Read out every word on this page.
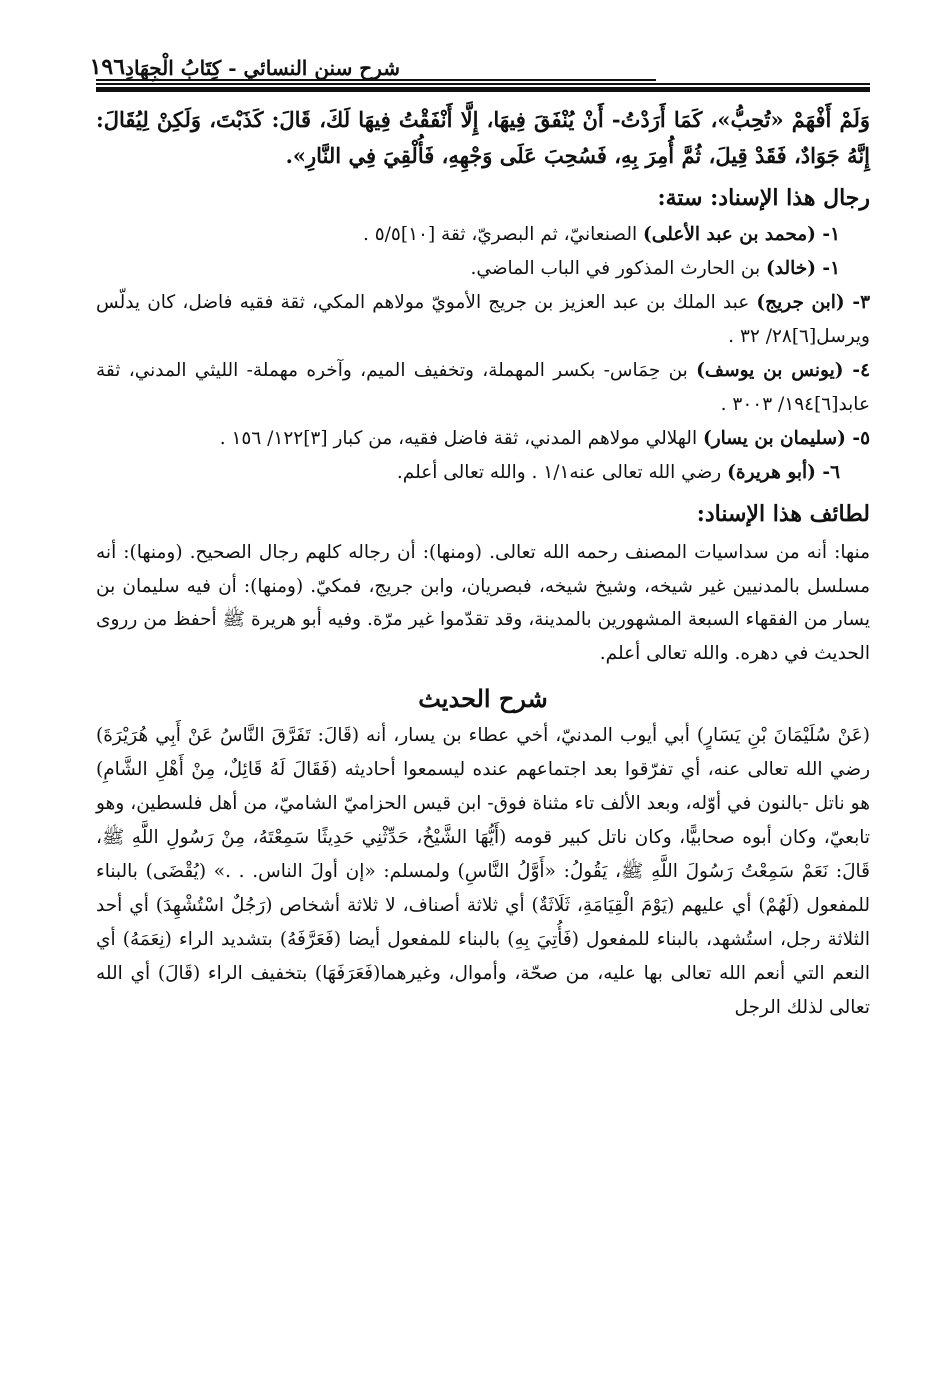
شرح سنن النسائي - كِتَابُ الْجِهَادِ
١٩٦
وَلَمْ أَفْهَمْ «تُحِبُّ»، كَمَا أَرَدْتُ- أَنْ يُنْفَقَ فِيهَا، إِلَّا أَنْفَقْتُ فِيهَا لَكَ، قَالَ: كَذَبْتَ، وَلَكِنْ لِيُقَالَ: إِنَّهُ جَوَادٌ، فَقَدْ قِيلَ، ثُمَّ أُمِرَ بِهِ، فَسُحِبَ عَلَى وَجْهِهِ، فَأُلْقِيَ فِي النَّارِ».
رجال هذا الإسناد: ستة:
١- (محمد بن عبد الأعلى) الصنعانيّ، ثم البصريّ، ثقة [١٠]٥/٥ .
١- (خالد) بن الحارث المذكور في الباب الماضي.
٣- (ابن جريج) عبد الملك بن عبد العزيز بن جريج الأمويّ مولاهم المكي، ثقة فقيه فاضل، كان يدلّس ويرسل[٦]٢٨/ ٣٢ .
٤- (يونس بن يوسف) بن حِمَاس- بكسر المهملة، وتخفيف الميم، وآخره مهملة- الليثي المدني، ثقة عابد[٦]١٩٤/ ٣٠٠٣ .
٥- (سليمان بن يسار) الهلالي مولاهم المدني، ثقة فاضل فقيه، من كبار [٣]١٢٢/ ١٥٦ .
٦- (أبو هريرة) رضي الله تعالى عنه١/١ . والله تعالى أعلم.
لطائف هذا الإسناد:

منها: أنه من سداسيات المصنف رحمه الله تعالى. (ومنها): أن رجاله كلهم رجال الصحيح. (ومنها): أنه مسلسل بالمدنيين غير شيخه، وشيخ شيخه، فبصريان، وابن جريج، فمكيّ. (ومنها): أن فيه سليمان بن يسار من الفقهاء السبعة المشهورين بالمدينة، وقد تقدّموا غير مرّة. وفيه أبو هريرة ﷺ أحفظ من رروى الحديث في دهره. والله تعالى أعلم.

شرح الحديث

(عَنْ سُلَيْمَانَ بْنِ يَسَارٍ) أبي أيوب المدنيّ، أخي عطاء بن يسار، أنه (قَالَ: تَفَرَّقَ النَّاسُ عَنْ أَبِي هُرَيْرَةَ) رضي الله تعالى عنه، أي تفرّقوا بعد اجتماعهم عنده ليسمعوا أحاديثه (فَقَالَ لَهُ قَائِلٌ، مِنْ أَهْلِ الشَّامِ) هو ناتل -بالنون في أوّله، وبعد الألف تاء مثناة فوق- ابن قيس الحزاميّ الشاميّ، من أهل فلسطين، وهو تابعيّ، وكان أبوه صحابيًّا، وكان ناتل كبير قومه (أَيُّهَا الشَّيْخُ، حَدِّثْنِي حَدِيثًا سَمِعْتَهُ، مِنْ رَسُولِ اللَّهِ ﷺ، قَالَ: نَعَمْ سَمِعْتُ رَسُولَ اللَّهِ ﷺ، يَقُولُ: «أَوَّلُ النَّاسِ) ولمسلم: «إن أولَ الناس. . .» (يُقْضَى) بالبناء للمفعول (لَهُمْ) أي عليهم (يَوْمَ الْقِيَامَةِ، ثَلَاثَةٌ) أي ثلاثة أصناف، لا ثلاثة أشخاص (رَجُلٌ اسْتُشْهِدَ) أي أحد الثلاثة رجل، استُشهد، بالبناء للمفعول (فَأُتِيَ بِهِ) بالبناء للمفعول أيضا (فَعَرَّفَهُ) بتشديد الراء (نِعَمَهُ) أي النعم التي أنعم الله تعالى بها عليه، من صحّة، وأموال، وغيرهما(فَعَرَفَهَا) بتخفيف الراء (قَالَ) أي الله تعالى لذلك الرجل
